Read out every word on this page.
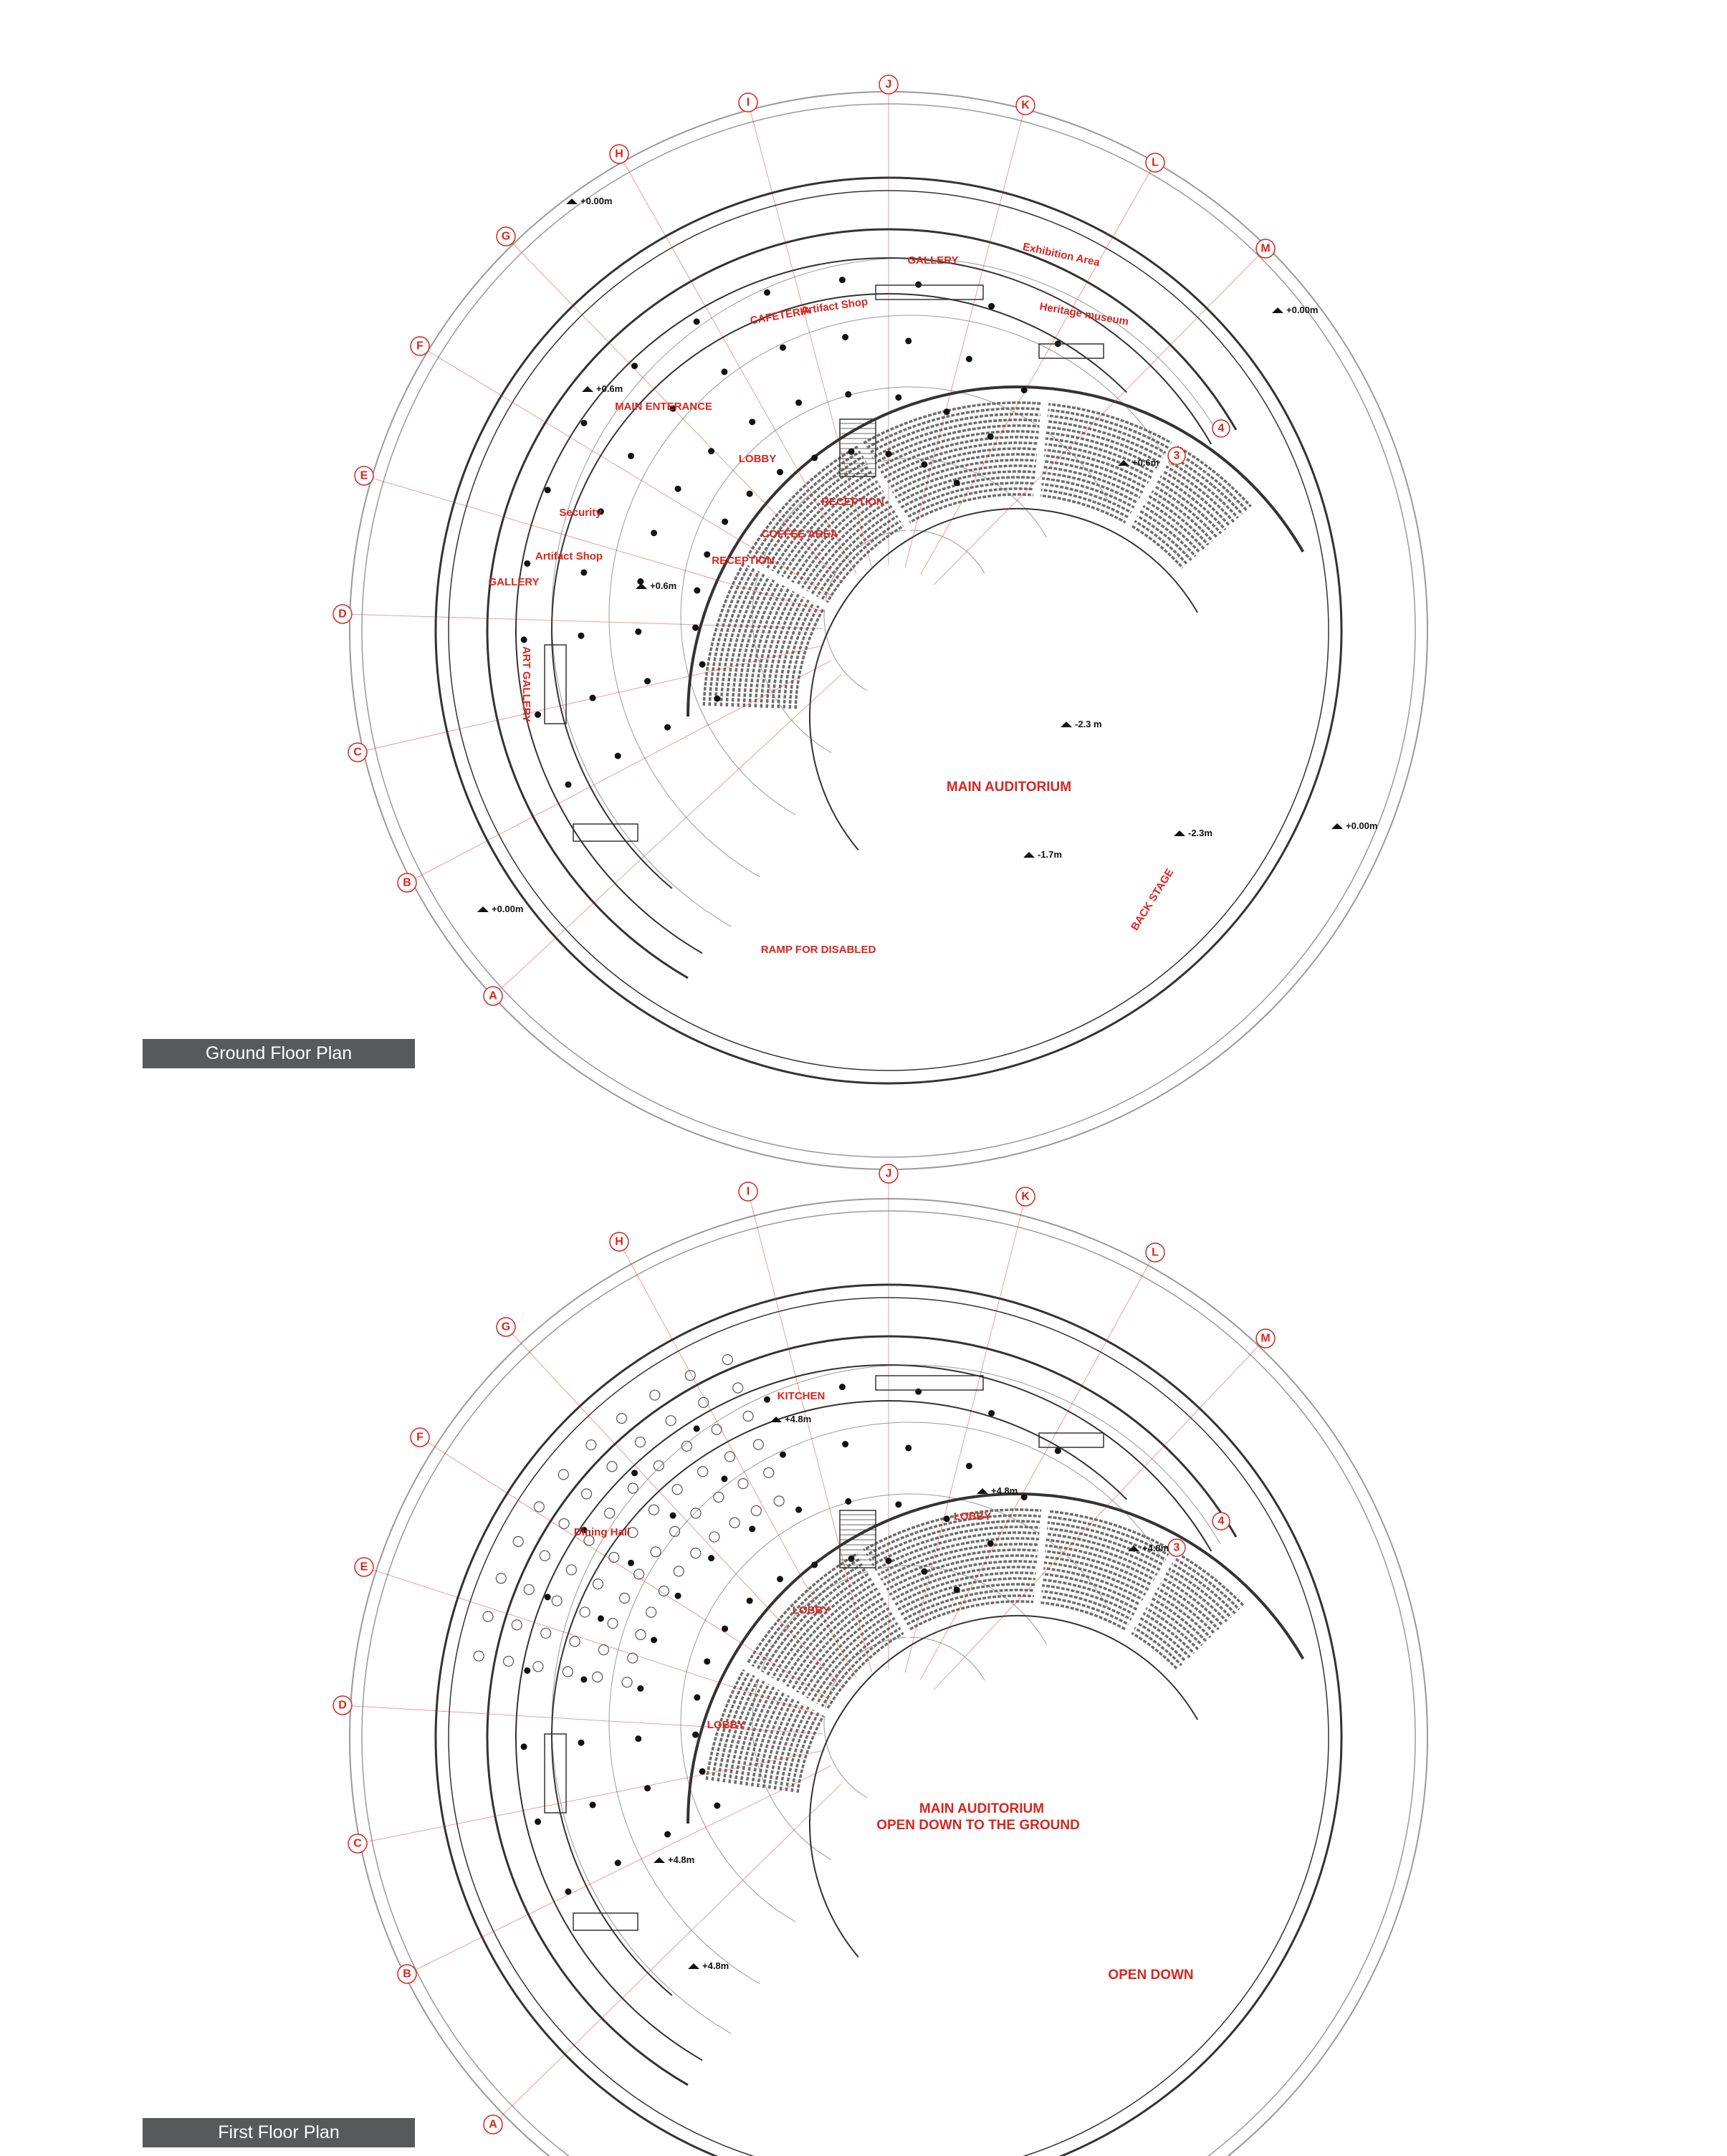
A
B
C
D
E
F
G
H
I
J
K
L
M
3
4
GALLERY	Exhibition Area
CAFETERIA
Artifact Shop	Heritage museum
MAIN ENTERANCE
LOBBY
RECEPTION
COFFEE AREA
RECEPTION
Security
Artifact Shop
GALLERY
ART GALLERY
MAIN AUDITORIUM
BACK STAGE
RAMP FOR DISABLED
+0.00m
+0.00m
+0.6m
+0.6m
+0.6m
-2.3 m
-1.7m
-2.3m
+0.00m
+0.00m
A
B
C
D
E
F
G
H
I
J
K
L
M
3
4
KITCHEN
Dining Hall
LOBBY
LOBBY
LOBBY
MAIN AUDITORIUM
OPEN DOWN TO THE GROUND
OPEN DOWN
+4.8m
+4.8m
+4.8m
+4.8m
+4.8m
Ground Floor Plan
First Floor Plan
